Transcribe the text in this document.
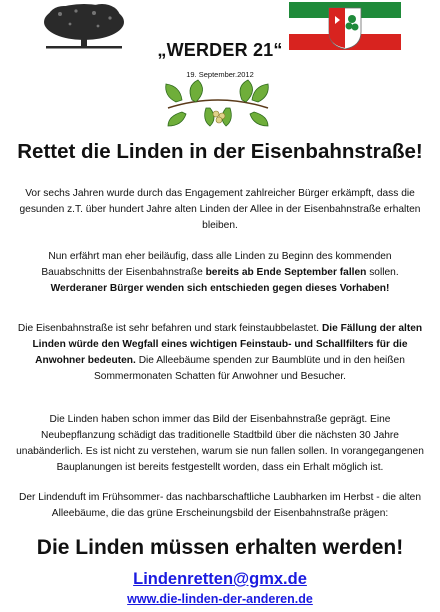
„WERDER 21“
19. September.2012
Rettet die Linden in der Eisenbahnstraße!
Vor sechs Jahren wurde durch das Engagement zahlreicher Bürger erkämpft, dass die gesunden z.T. über hundert Jahre alten Linden der Allee in der Eisenbahnstraße erhalten bleiben.
Nun erfährt man eher beiläufig, dass alle Linden zu Beginn des kommenden Bauabschnitts der Eisenbahnstraße bereits ab Ende September fallen sollen.
Werderaner Bürger wenden sich entschieden gegen dieses Vorhaben!
Die Eisenbahnstraße ist sehr befahren und stark feinstaubbelastet. Die Fällung der alten Linden würde den Wegfall eines wichtigen Feinstaub- und Schallfilters für die Anwohner bedeuten. Die Alleebäume spenden zur Baumblüte und in den heißen Sommermonaten Schatten für Anwohner und Besucher.
Die Linden haben schon immer das Bild der Eisenbahnstraße geprägt. Eine Neubepflanzung schädigt das traditionelle Stadtbild über die nächsten 30 Jahre unabänderlich. Es ist nicht zu verstehen, warum sie nun fallen sollen. In vorangegangenen Bauplanungen ist bereits festgestellt worden, dass ein Erhalt möglich ist.
Der Lindenduft im Frühsommer- das nachbarschaftliche Laubharken im Herbst - die alten Alleebäume, die das grüne Erscheinungsbild der Eisenbahnstraße prägen:
Die Linden müssen erhalten werden!
Lindenretten@gmx.de
www.die-linden-der-anderen.de
